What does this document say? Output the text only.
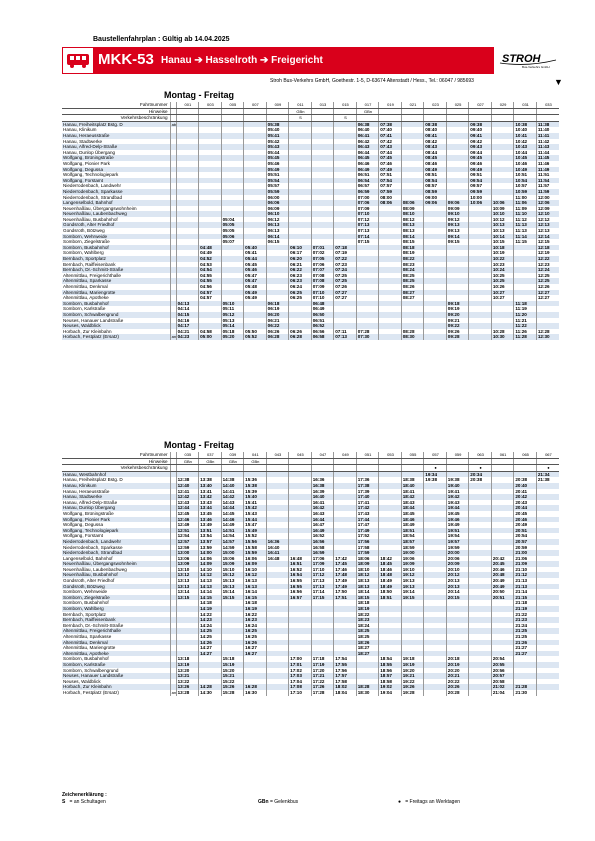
Baustellenfahrplan : Gültig ab 14.04.2025
MKK-53 Hanau ➔ Hasselroth ➔ Freigericht	STROH
Bus-Verkehrs GmbH
Stroh Bus-Verkehrs GmbH, Goethestr. 1-5, D-63674 Altenstadt / Hess., Tel.: 06047 / 985693	▼
Montag - Freitag
Fahrtnummer		001	003	005	007	009	011	013	015	017	019	021	023	025	027	029	031	033
Hinweise							GBn			GBn								
Verkehrsbeschränkung							S		S									
Hanau, Freiheitsplatz Bstg. D	ab					05:38				06:38	07:38		08:38		09:38		10:38	11:38
Hanau, Klinikum						05:40				06:40	07:40		08:40		09:40		10:40	11:40
Hanau, Heraeusstraße						05:41				06:41	07:41		08:41		09:41		10:41	11:41
Hanau, Stadtwerke						05:42				06:42	07:42		08:42		09:42		10:42	11:42
Hanau, Alfred-Delp-Straße						05:43				06:43	07:43		08:43		09:43		10:43	11:43
Hanau, Dunlop Übergang						05:44				06:44	07:44		08:44		09:44		10:44	11:44
Wolfgang, Brüningstraße						05:45				06:45	07:45		08:45		09:45		10:45	11:45
Wolfgang, Pionier Park						05:46				06:46	07:46		08:46		09:46		10:46	11:46
Wolfgang, Degussa						05:49				06:49	07:49		08:49		09:49		10:49	11:49
Wolfgang, Technologiepark						05:51				06:51	07:51		08:51		09:51		10:51	11:51
Wolfgang, Forstamt						05:54				06:54	07:54		08:54		09:54		10:54	11:54
Niederrodenbach, Landwehr						05:57				06:57	07:57		08:57		09:57		10:57	11:57
Niederrodenbach, Sparkasse						05:59				06:59	07:59		08:59		09:59		10:59	11:59
Niederrodenbach, Strandbad						06:00				07:00	08:00		09:00		10:00		11:00	12:00
Langenselbold, Bahnhof						06:06				07:06	08:06	08:06	09:06	09:06	10:06	10:06	11:06	12:06
Neuenhaßlau, Übergangswohnheim						06:09				07:09		08:09		09:09		10:09	11:09	12:09
Neuenhaßlau, Laubenbachweg						06:10				07:10		08:10		09:10		10:10	11:10	12:10
Neuenhaßlau, Busbahnhof				05:04		06:12				07:12		08:12		09:12		10:12	11:12	12:12
Gondsroth, Alter Friedhof				05:05		06:13				07:13		08:13		09:13		10:13	11:13	12:13
Gondsroth, Bötzweg				05:05		06:13				07:13		08:13		09:13		10:13	11:13	12:13
Somborn, Wehrweide				05:06		06:14				07:14		08:14		09:14		10:14	11:14	12:14
Somborn, Ziegelstraße				05:07		06:15				07:15		08:15		09:15		10:15	11:15	12:15
Somborn, Busbahnhof			04:48		05:40		06:10	07:01	07:18			08:18				10:18		12:18
Somborn, Wahlberg			04:49		05:41		06:17	07:02	07:19			08:19				10:19		12:19
Bernbach, Sportplatz			04:52		05:44		06:20	07:05	07:22			08:22				10:22		12:22
Bernbach, Raiffeisenbank			04:53		05:45		06:21	07:06	07:23			08:23				10:23		12:23
Bernbach, Dr.-Schmitt-Straße			04:54		05:46		06:22	07:07	07:24			08:24				10:24		12:24
Altenmittlau, Freigerichthalle			04:55		05:47		06:23	07:08	07:25			08:25				10:25		12:25
Altenmittlau, Sparkasse			04:55		05:47		06:23	07:08	07:25			08:25				10:25		12:25
Altenmittlau, Denkmal			04:56		05:48		06:24	07:09	07:26			08:26				10:26		12:26
Altenmittlau, Mariengrotte			04:57		05:49		06:25	07:10	07:27			08:27				10:27		12:27
Altenmittlau, Apotheke			04:57		05:49		06:25	07:10	07:27			08:27				10:27		12:27
Somborn, Busbahnhof		04:13		05:10		06:18		06:48						09:18			11:18	
Somborn, Karlstraße		04:14		05:11		06:19		06:49						09:19			11:19	
Somborn, Schwalbengrund		04:15		05:12		06:20		06:50						09:20			11:20	
Neuses, Hanauer Landstraße		04:16		05:13		06:21		06:51						09:21			11:21	
Neuses, Waldblick		04:17		05:14		06:22		06:52						09:22			11:22	
Horbach, Zur Kleinbahn		04:21	04:58	05:18	05:50	06:26	06:26	06:56	07:11	07:28		08:28		09:26		10:28	11:26	12:28
Horbach, Festplatz (Ersatz)	an	04:23	05:00	05:20	05:52	06:28	06:28	06:58	07:13	07:30		08:30		09:28		10:30	11:28	12:30
Montag - Freitag
Fahrtnummer		035	037	039	041	043	045	047	049	051	053	055	057	059	063	061	065	067
Hinweise		GBn	GBn	GBn	GBn													
Verkehrsbeschränkung													●		●			●
Hanau, Westbahnhof													19:34		20:34			21:34
Hanau, Freiheitsplatz Bstg. D		12:38	13:38	14:38	15:36			16:36		17:36		18:38	19:38	19:38	20:38		20:38	21:38
Hanau, Klinikum		12:40	13:40	14:40	15:38			16:38		17:38		18:40		19:40			20:40	
Hanau, Heraeusstraße		12:41	13:41	14:41	15:39			16:39		17:39		18:41		19:41			20:41	
Hanau, Stadtwerke		12:42	13:42	14:42	15:40			16:40		17:40		18:42		19:42			20:42	
Hanau, Alfred-Delp-Straße		12:43	13:43	14:43	15:41			16:41		17:41		18:43		19:43			20:43	
Hanau, Dunlop Übergang		12:44	13:44	14:44	15:42			16:42		17:42		18:44		19:44			20:44	
Wolfgang, Brüningstraße		12:45	13:45	14:45	15:43			16:43		17:43		18:45		19:45			20:45	
Wolfgang, Pionier Park		12:46	13:46	14:46	15:44			16:44		17:44		18:46		19:46			20:46	
Wolfgang, Degussa		12:49	13:49	14:49	15:47			16:47		17:47		18:49		19:49			20:49	
Wolfgang, Technologiepark		12:51	13:51	14:51	15:49			16:49		17:49		18:51		19:51			20:51	
Wolfgang, Forstamt		12:54	13:54	14:54	15:52			16:52		17:52		18:54		19:54			20:54	
Niederrodenbach, Landwehr		12:57	13:57	14:57	15:56	16:36		16:56		17:56		18:57		19:57			20:57	
Niederrodenbach, Sparkasse		12:59	13:59	14:59	15:58	16:40		16:58		17:58		18:59		19:59			20:59	
Niederrodenbach, Strandbad		13:00	14:00	15:00	15:59	16:41		16:59		17:59		19:00		20:00			21:00	
Langenselbold, Bahnhof		13:06	14:06	15:06	16:06	16:48	16:48	17:06	17:42	18:06	18:42	19:06		20:06		20:42	21:06	
Neuenhaßlau, Übergangswohnheim		13:09	14:09	15:09	16:09		16:51	17:09	17:45	18:09	18:45	19:09		20:09		20:45	21:09	
Neuenhaßlau, Laubenbachweg		13:10	14:10	15:10	16:10		16:52	17:10	17:46	18:10	18:46	19:10		20:10		20:46	21:10	
Neuenhaßlau, Busbahnhof		13:12	14:12	15:12	16:12		16:54	17:12	17:48	18:12	18:48	19:12		20:12		20:48	21:12	
Gondsroth, Alter Friedhof		13:13	14:13	15:13	16:13		16:55	17:13	17:49	18:13	18:49	19:13		20:13		20:49	21:13	
Gondsroth, Bötzweg		13:13	14:13	15:13	16:13		16:55	17:13	17:49	18:13	18:49	19:13		20:13		20:49	21:13	
Somborn, Wehrweide		13:14	14:14	15:14	16:14		16:56	17:14	17:50	18:14	18:50	19:14		20:14		20:50	21:14	
Somborn, Ziegelstraße		13:15	14:15	15:15	16:15		16:57	17:15	17:51	18:15	18:51	19:15		20:15		20:51	21:15	
Somborn, Busbahnhof			14:18		16:18					18:18							21:18	
Somborn, Wahlberg			14:19		16:19					18:19							21:19	
Bernbach, Sportplatz			14:22		16:22					18:22							21:22	
Bernbach, Raiffeisenbank			14:23		16:23					18:23							21:23	
Bernbach, Dr.-Schmitt-Straße			14:24		16:24					18:24							21:24	
Altenmittlau, Freigerichthalle			14:25		16:25					18:25							21:25	
Altenmittlau, Sparkasse			14:25		16:25					18:25							21:25	
Altenmittlau, Denkmal			14:26		16:26					18:26							21:26	
Altenmittlau, Mariengrotte			14:27		16:27					18:27							21:27	
Altenmittlau, Apotheke			14:27		16:27					18:27							21:27	
Somborn, Busbahnhof		13:18		15:18			17:00	17:18	17:54		18:54	19:18		20:18		20:54		
Somborn, Karlstraße		13:19		15:19			17:01	17:19	17:55		18:55	19:19		20:19		20:55		
Somborn, Schwalbengrund		13:20		15:20			17:02	17:20	17:56		18:56	19:20		20:20		20:56		
Neuses, Hanauer Landstraße		13:21		15:21			17:03	17:21	17:57		18:57	19:21		20:21		20:57		
Neuses, Waldblick		13:22		15:22			17:04	17:22	17:58		18:58	19:22		20:22		20:58		
Horbach, Zur Kleinbahn		13:26	14:28	15:26	16:28		17:08	17:26	18:02	18:28	19:02	19:26		20:26		21:02	21:28	
Horbach, Festplatz (Ersatz)	an	13:28	14:30	15:28	16:30		17:10	17:28	18:04	18:30	19:04	19:28		20:28		21:04	21:30	
Zeichenerklärung :
S = an Schultagen	GBn = Gelenkbus	● = Freitags an Werktagen
